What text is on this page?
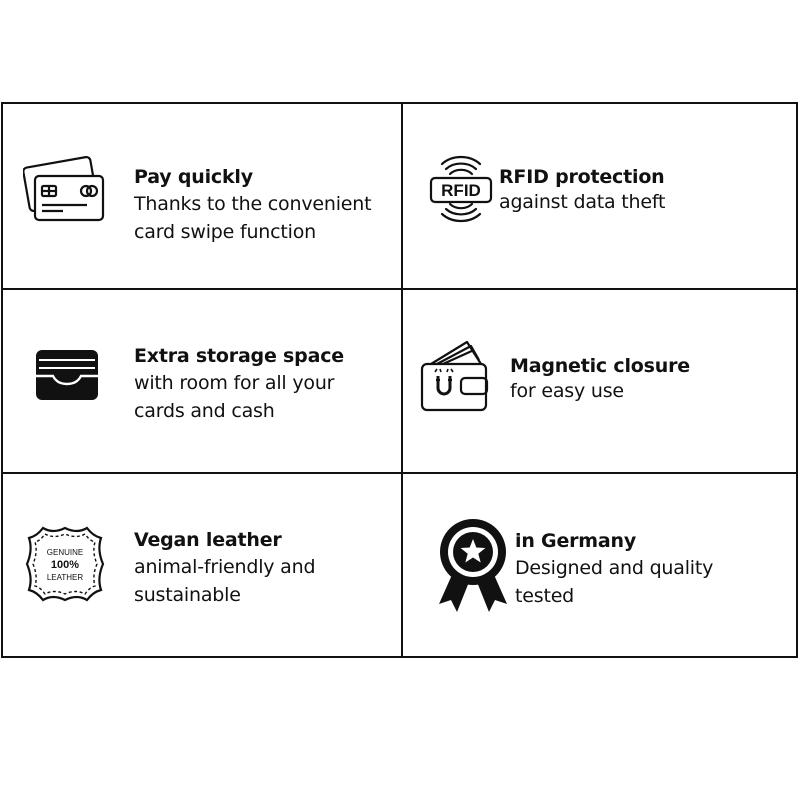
Pay quickly
Thanks to the convenient card swipe function
RFID
RFID protection
against data theft
Extra storage space
with room for all your cards and cash
Magnetic closure
for easy use
GENUINE
100%
LEATHER
Vegan leather
animal-friendly and sustainable
in Germany
Designed and quality tested
